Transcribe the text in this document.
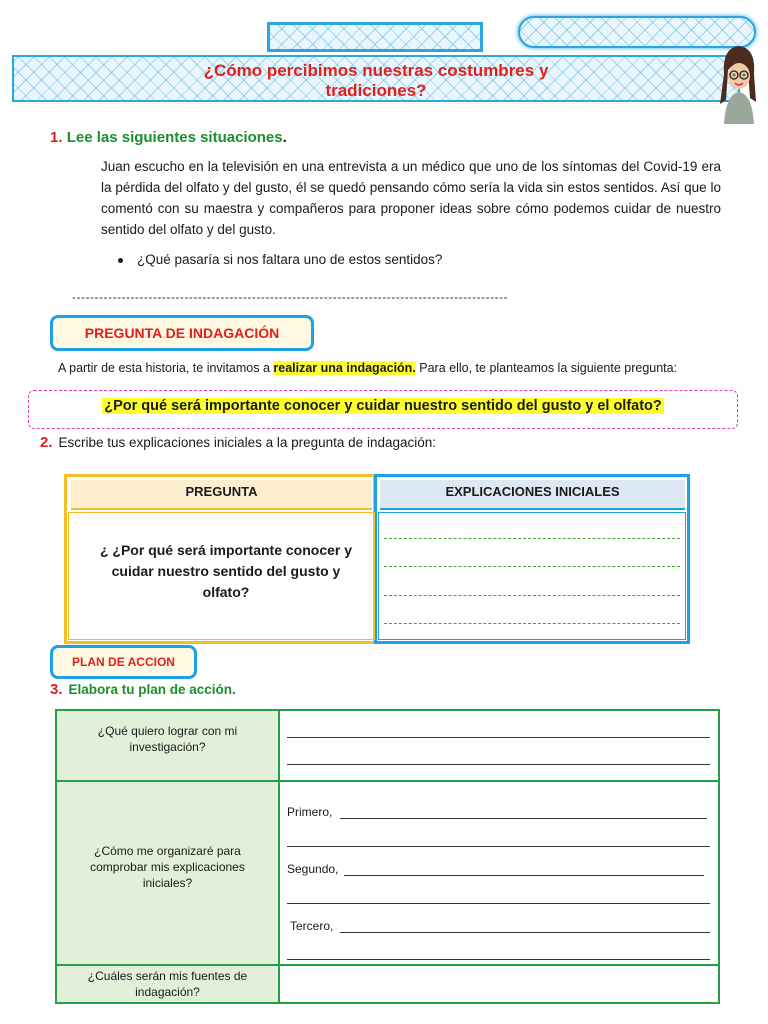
¿Cómo percibimos nuestras costumbres y
tradiciones?
1. Lee las siguientes situaciones.
Juan escucho en la televisión en una entrevista a un médico que uno de los síntomas del Covid-19 era la pérdida del olfato y del gusto, él se quedó pensando cómo sería la vida sin estos sentidos. Así que lo comentó con su maestra y compañeros para proponer ideas sobre cómo podemos cuidar de nuestro sentido del olfato y del gusto.
¿Qué pasaría si nos faltara uno de estos sentidos?
-------------------------------------------------------------------------------------------------
PREGUNTA DE INDAGACIÓN
A partir de esta historia, te invitamos a realizar una indagación. Para ello, te planteamos la siguiente pregunta:
¿Por qué será importante conocer y cuidar nuestro sentido del gusto y el olfato?
2. Escribe tus explicaciones iniciales a la pregunta de indagación:
PREGUNTA	EXPLICACIONES INICIALES
¿ ¿Por qué será importante conocer y
cuidar nuestro sentido del gusto y
olfato?
PLAN DE ACCION
3. Elabora tu plan de acción.
¿Qué quiero lograr con mi
investigación?
¿Cómo me organizaré para
comprobar mis explicaciones
iniciales?
¿Cuáles serán mis fuentes de
indagación?
Primero,
Segundo,
Tercero,
